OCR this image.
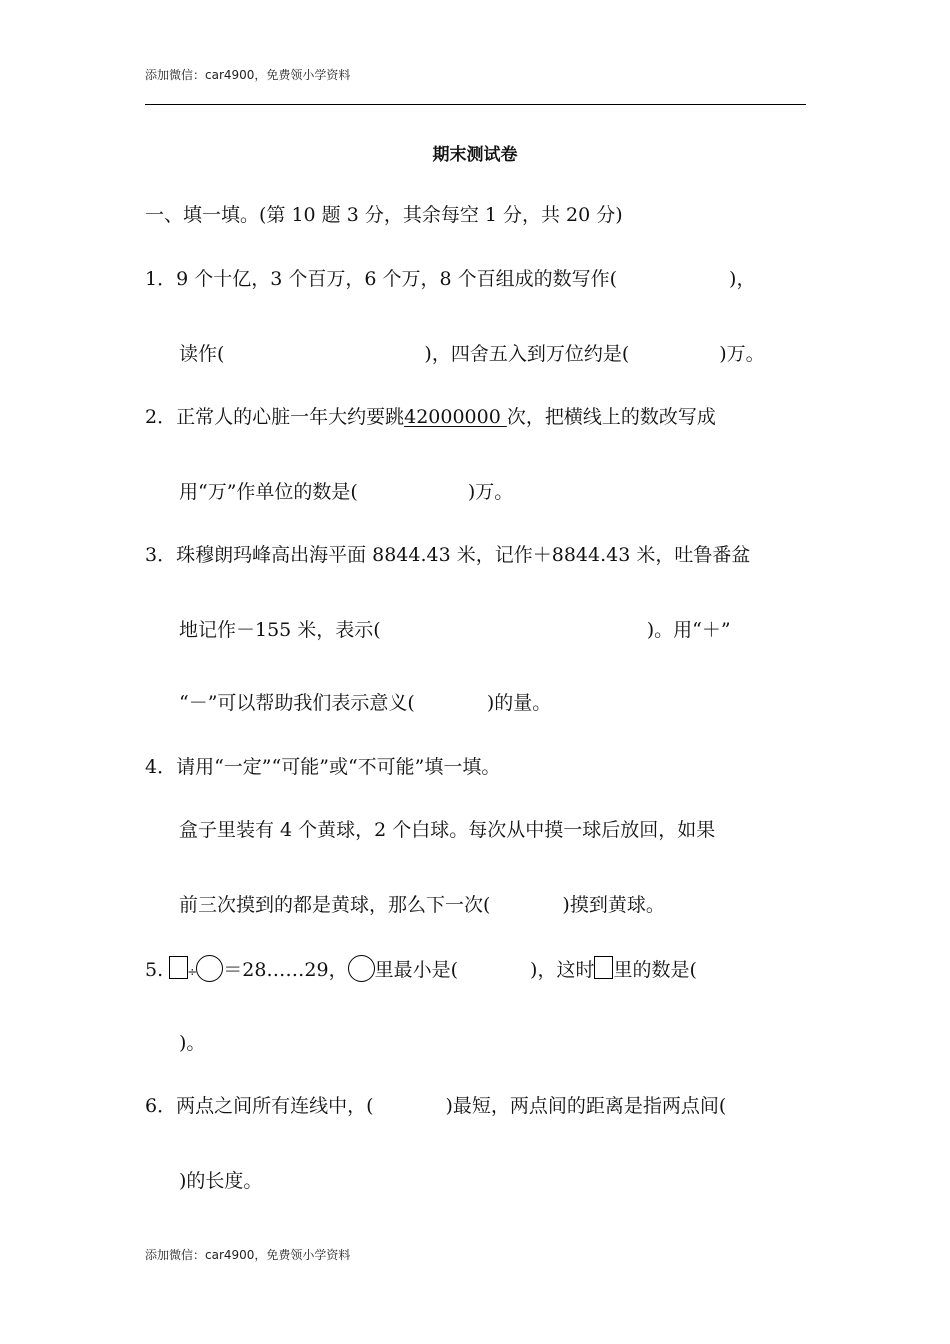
添加微信：car4900，免费领小学资料
期末测试卷
一、填一填。(第 10 题 3 分，其余每空 1 分，共 20 分)
1．9 个十亿，3 个百万，6 个万，8 个百组成的数写作(	)，
读作(	)，四舍五入到万位约是(	)万。
2．正常人的心脏一年大约要跳42000000 次，把横线上的数改写成
用“万”作单位的数是(	)万。
3．珠穆朗玛峰高出海平面 8844.43 米，记作＋8844.43 米，吐鲁番盆
地记作－155 米，表示(	)。用“＋”
“－”可以帮助我们表示意义(	)的量。
4．请用“一定”“可能”或“不可能”填一填。
盒子里装有 4 个黄球，2 个白球。每次从中摸一球后放回，如果
前三次摸到的都是黄球，那么下一次(	)摸到黄球。
5. ÷ ＝28……29， 里最小是(	)，这时 里的数是(
)。
6．两点之间所有连线中，(	)最短，两点间的距离是指两点间(
)的长度。
添加微信：car4900，免费领小学资料
